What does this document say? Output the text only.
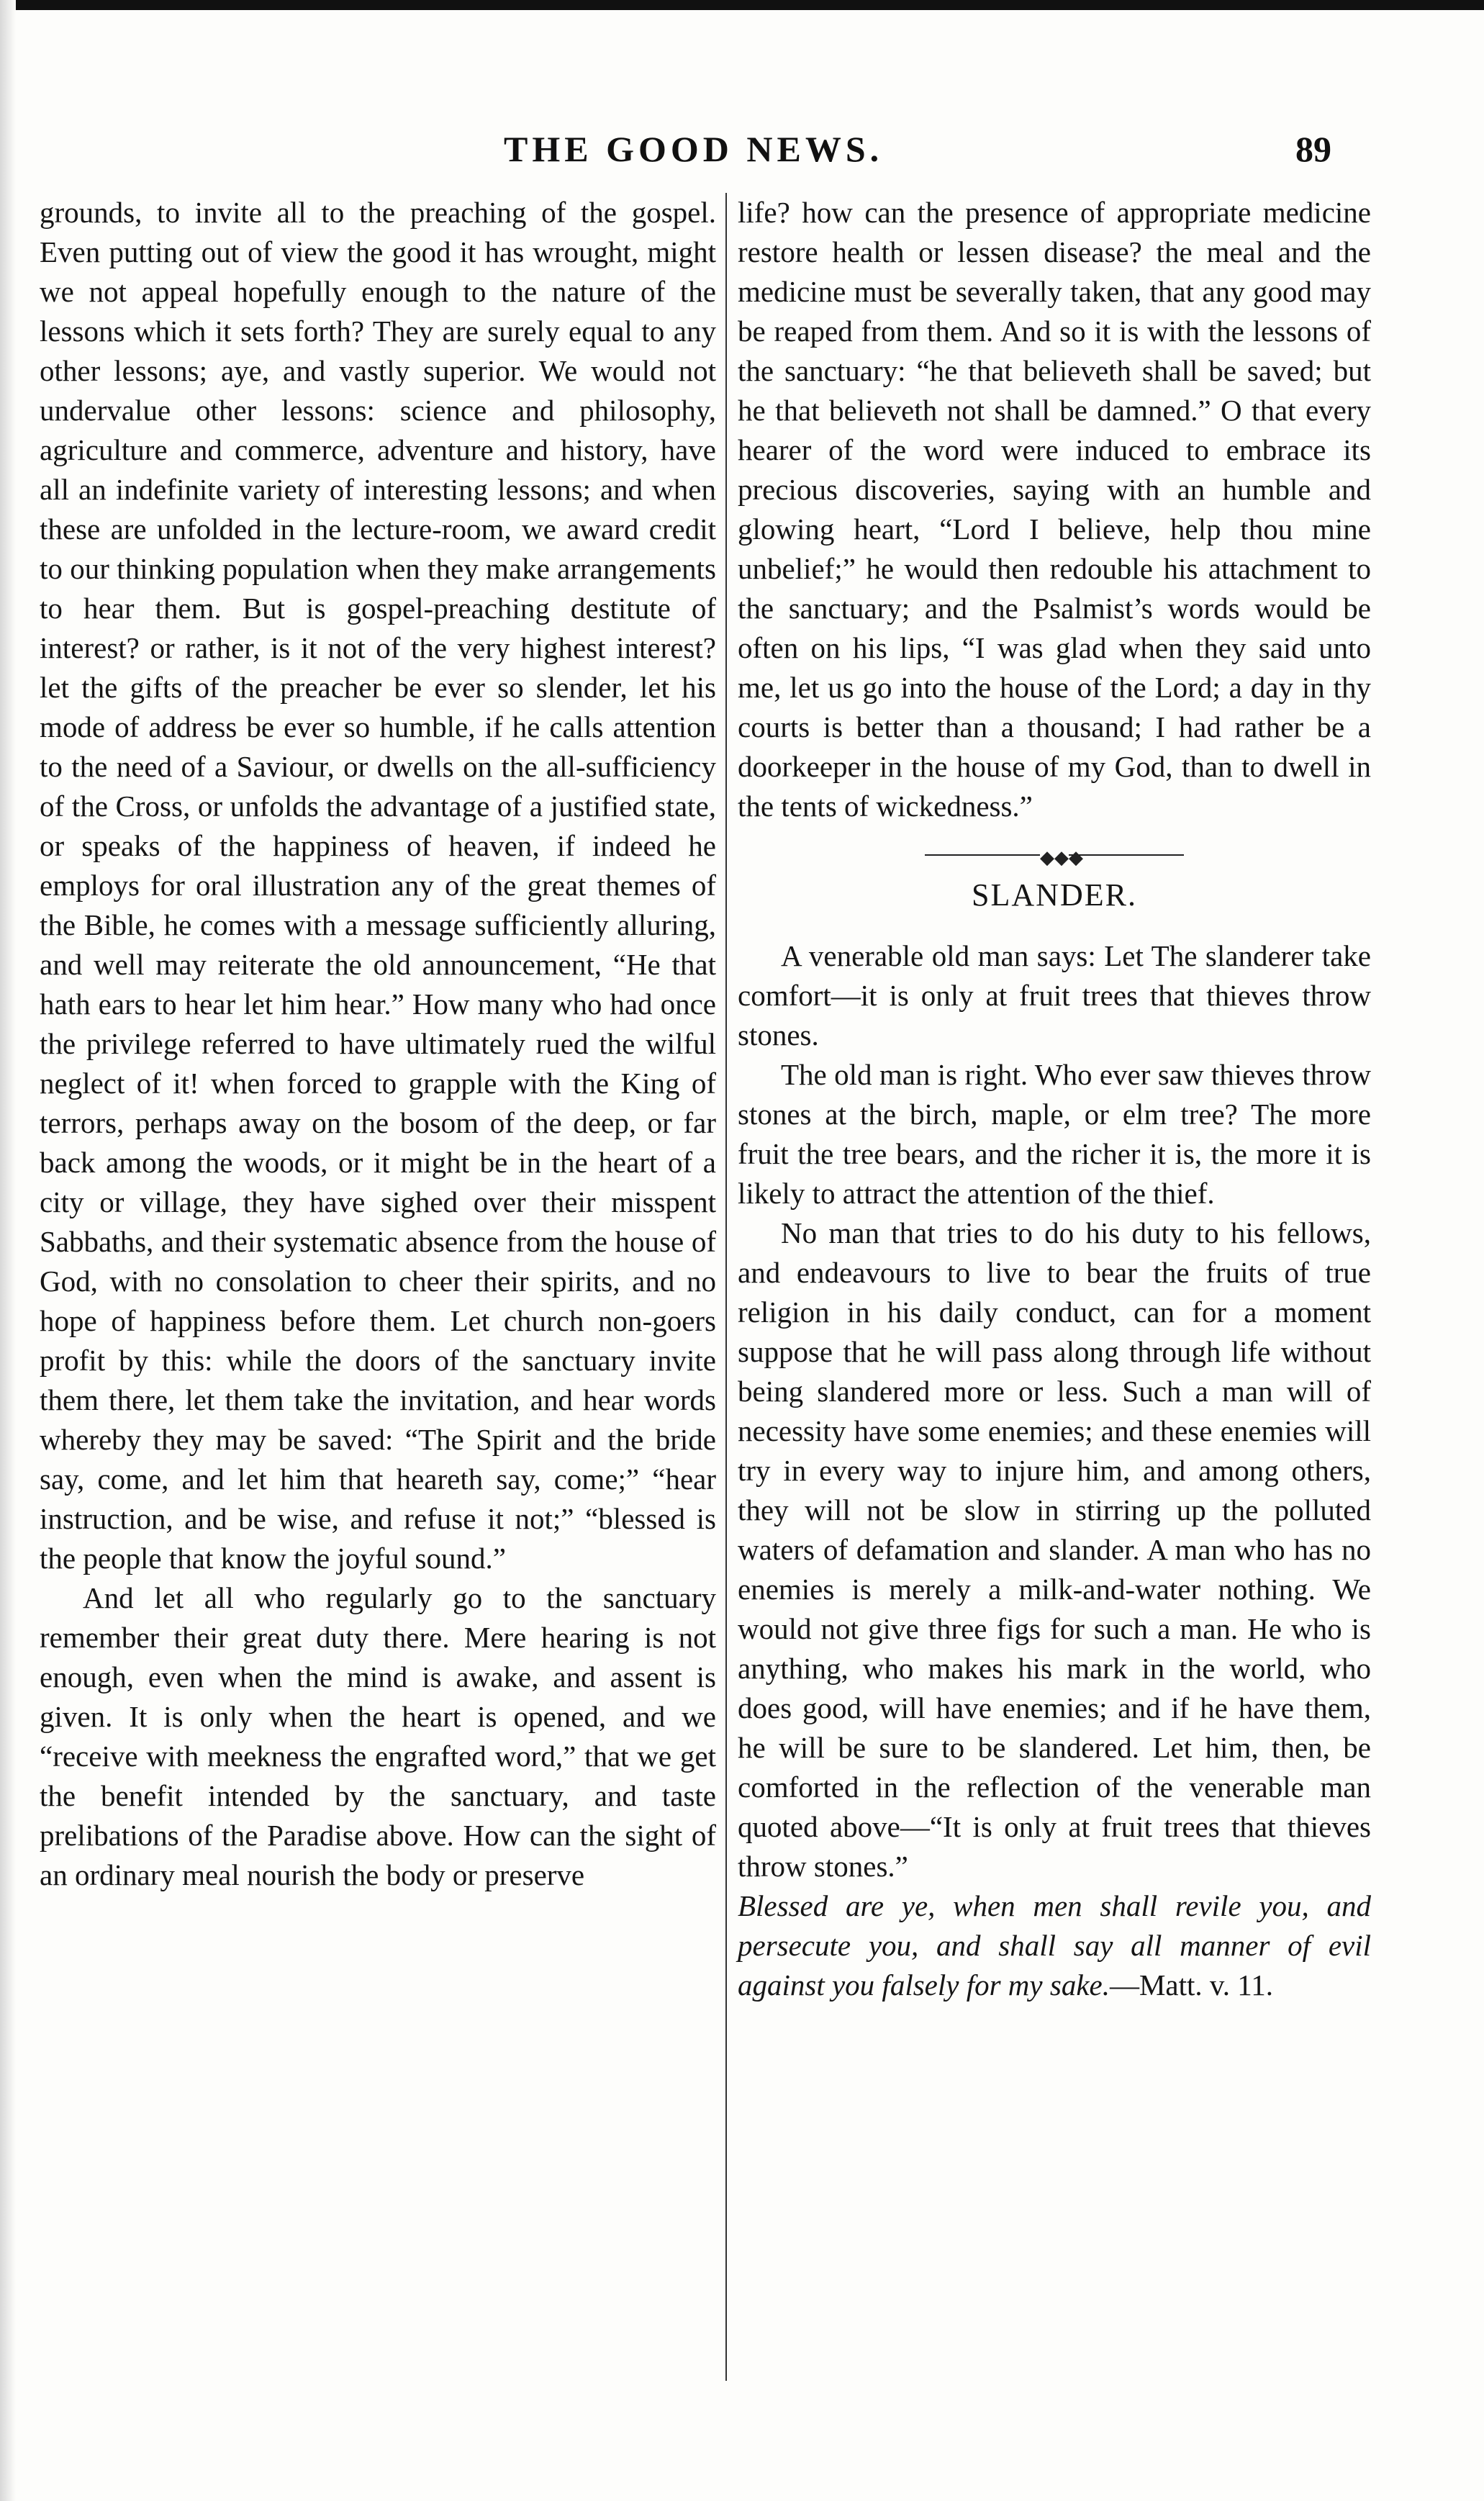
THE GOOD NEWS.	89

grounds, to invite all to the preaching of the gospel. Even putting out of view the good it has wrought, might we not appeal hopefully enough to the nature of the lessons which it sets forth? They are surely equal to any other lessons; aye, and vastly superior. We would not undervalue other lessons: science and philosophy, agriculture and commerce, adventure and history, have all an indefinite variety of interesting lessons; and when these are unfolded in the lecture-room, we award credit to our thinking population when they make arrangements to hear them. But is gospel-preaching destitute of interest? or rather, is it not of the very highest interest? let the gifts of the preacher be ever so slender, let his mode of address be ever so humble, if he calls attention to the need of a Saviour, or dwells on the all-sufficiency of the Cross, or unfolds the advantage of a justified state, or speaks of the happiness of heaven, if indeed he employs for oral illustration any of the great themes of the Bible, he comes with a message sufficiently alluring, and well may reiterate the old announcement, “He that hath ears to hear let him hear.” How many who had once the privilege referred to have ultimately rued the wilful neglect of it! when forced to grapple with the King of terrors, perhaps away on the bosom of the deep, or far back among the woods, or it might be in the heart of a city or village, they have sighed over their misspent Sabbaths, and their systematic absence from the house of God, with no consolation to cheer their spirits, and no hope of happiness before them. Let church non-goers profit by this: while the doors of the sanctuary invite them there, let them take the invitation, and hear words whereby they may be saved: “The Spirit and the bride say, come, and let him that heareth say, come;” “hear instruction, and be wise, and refuse it not;” “blessed is the people that know the joyful sound.”

And let all who regularly go to the sanctuary remember their great duty there. Mere hearing is not enough, even when the mind is awake, and assent is given. It is only when the heart is opened, and we “receive with meekness the engrafted word,” that we get the benefit intended by the sanctuary, and taste prelibations of the Paradise above. How can the sight of an ordinary meal nourish the body or preserve

life? how can the presence of appropriate medicine restore health or lessen disease? the meal and the medicine must be severally taken, that any good may be reaped from them. And so it is with the lessons of the sanctuary: “he that believeth shall be saved; but he that believeth not shall be damned.” O that every hearer of the word were induced to embrace its precious discoveries, saying with an humble and glowing heart, “Lord I believe, help thou mine unbelief;” he would then redouble his attachment to the sanctuary; and the Psalmist’s words would be often on his lips, “I was glad when they said unto me, let us go into the house of the Lord; a day in thy courts is better than a thousand; I had rather be a doorkeeper in the house of my God, than to dwell in the tents of wickedness.”

◆◆◆
SLANDER.

A venerable old man says: Let The slanderer take comfort—it is only at fruit trees that thieves throw stones.

The old man is right. Who ever saw thieves throw stones at the birch, maple, or elm tree? The more fruit the tree bears, and the richer it is, the more it is likely to attract the attention of the thief.

No man that tries to do his duty to his fellows, and endeavours to live to bear the fruits of true religion in his daily conduct, can for a moment suppose that he will pass along through life without being slandered more or less. Such a man will of necessity have some enemies; and these enemies will try in every way to injure him, and among others, they will not be slow in stirring up the polluted waters of defamation and slander. A man who has no enemies is merely a milk-and-water nothing. We would not give three figs for such a man. He who is anything, who makes his mark in the world, who does good, will have enemies; and if he have them, he will be sure to be slandered. Let him, then, be comforted in the reflection of the venerable man quoted above—“It is only at fruit trees that thieves throw stones.”

Blessed are ye, when men shall revile you, and persecute you, and shall say all manner of evil against you falsely for my sake.—Matt. v. 11.
